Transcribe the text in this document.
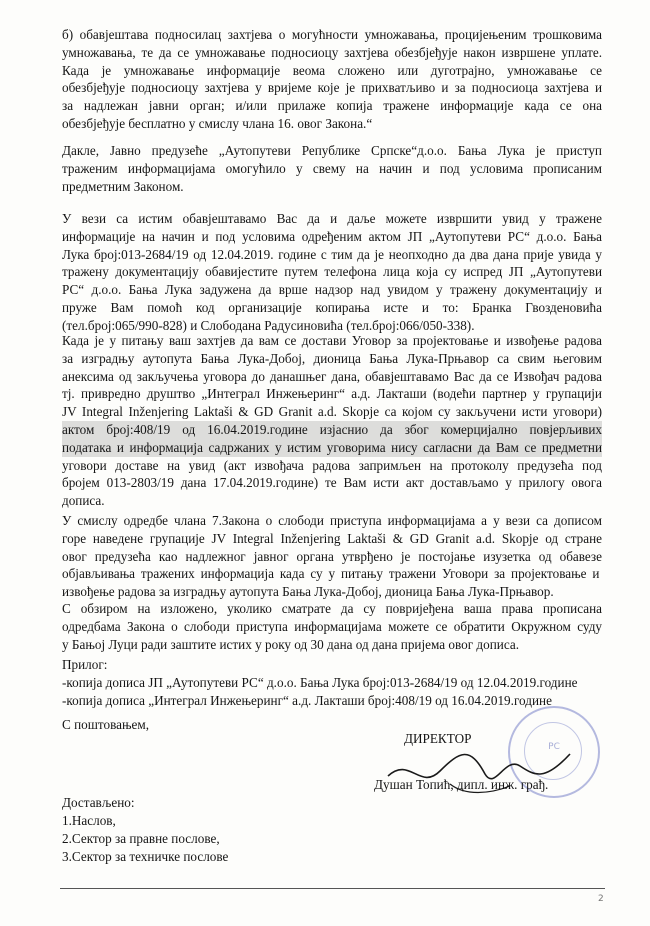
б) обавјештава подносилац захтјева о могућности умножавања, процијењеним трошковима
умножавања, те да се умножавање подносиоцу захтјева обезбјеђује након извршене уплате.
Када је умножавање информације веома сложено или дуготрајно, умножавање се
обезбјеђује подносиоцу захтјева у вријеме које је прихватљиво и за подносиоца захтјева и
за надлежан јавни орган; и/или прилаже копија тражене информације када се она
обезбјеђује бесплатно у смислу члана 16. овог Закона.“
Дакле, Јавно предузеће „Аутопутеви Републике Српске“д.о.о. Бања Лука је приступ
траженим информацијама омогућило у свему на начин и под условима прописаним
предметним Законом.
У вези са истим обавјештавамо Вас да и даље можете извршити увид у тражене
информације на начин и под условима одређеним актом ЈП „Аутопутеви РС“ д.о.о. Бања
Лука број:013-2684/19 од 12.04.2019. године с тим да је неопходно да два дана прије увида у
тражену документацију обавијестите путем телефона лица која су испред ЈП „Аутопутеви
РС“ д.о.о. Бања Лука задужена да врше надзор над увидом у тражену документацију и
пруже Вам помоћ код организације копирања исте и то: Бранка Гвозденовића
(тел.број:065/990-828) и Слободана Радусиновића (тел.број:066/050-338).
Када је у питању ваш захтјев да вам се достави Уговор за пројектовање и извођење радова
за изградњу аутопута Бања Лука-Добој, дионица Бања Лука-Прњавор са свим његовим
анексима од закључења уговора до данашњег дана, обавјештавамо Вас да се Извођач радова
тј. привредно друштво „Интеграл Инжењеринг“ а.д. Лакташи (водећи партнер у групацији
JV Integral Inženjering Laktaši & GD Granit a.d. Skopje са којом су закључени исти уговори)
актом број:408/19 од 16.04.2019.године изјаснио да због комерцијално повјерљивих
података и информација садржаних у истим уговорима нису сагласни да Вам се предметни
уговори доставе на увид (акт извођача радова запримљен на протоколу предузећа под
бројем 013-2803/19 дана 17.04.2019.године) те Вам исти акт достављамо у прилогу овога
дописа.
У смислу одредбе члана 7.Закона о слободи приступа информацијама а у вези са дописом
горе наведене групације JV Integral Inženjering Laktaši & GD Granit a.d. Skopje од стране
овог предузећа као надлежног јавног органа утврђено је постојање изузетка од обавезе
објављивања тражених информација када су у питању тражени Уговори за пројектовање и
извођење радова за изградњу аутопута Бања Лука-Добој, дионица Бања Лука-Прњавор.
С обзиром на изложено, уколико сматрате да су повријеђена ваша права прописана
одредбама Закона о слободи приступа информацијама можете се обратити Окружном суду
у Бањој Луци ради заштите истих у року од 30 дана од дана пријема овог дописа.
Прилог:
-копија дописа ЈП „Аутопутеви РС“ д.о.о. Бања Лука број:013-2684/19 од 12.04.2019.године
-копија дописа „Интеграл Инжењеринг“ а.д. Лакташи број:408/19 од 16.04.2019.године
С поштовањем,
РС
ДИРЕКТОР
Душан Топић, дипл. инж. грађ.
Достављено:
1.Наслов,
2.Сектор за правне послове,
3.Сектор за техничке послове
2
